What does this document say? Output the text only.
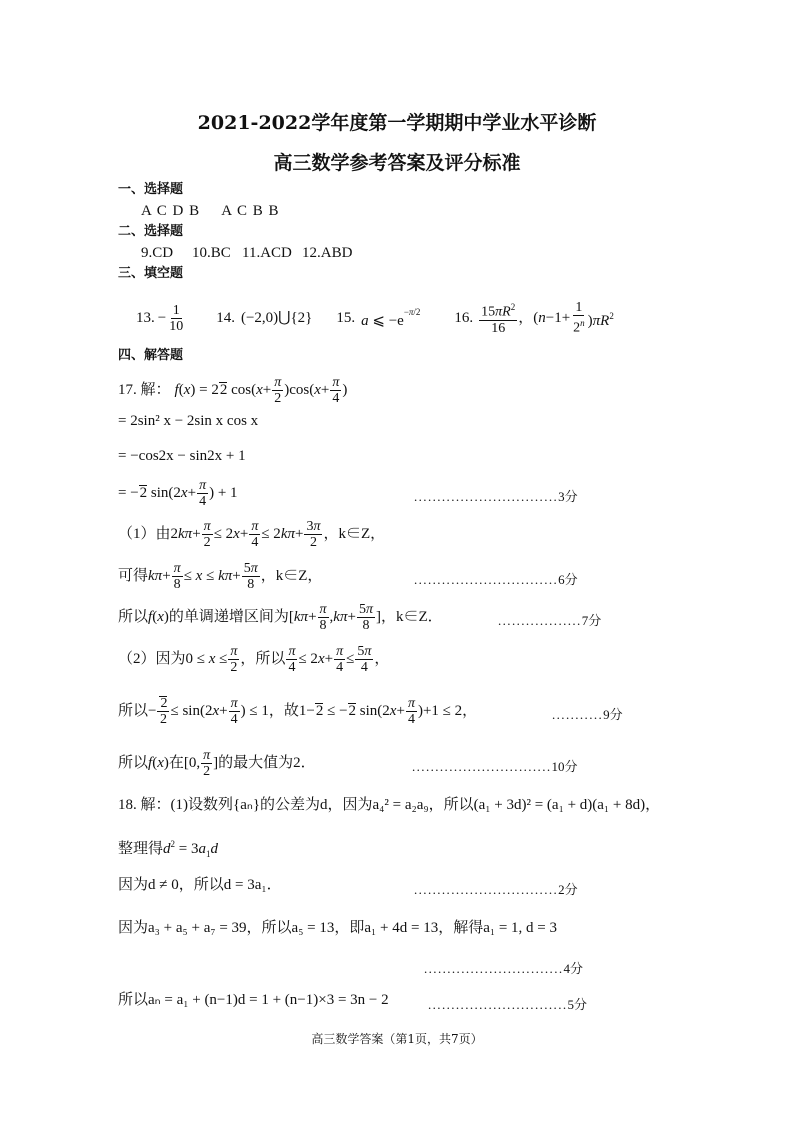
2021-2022学年度第一学期期中学业水平诊断
高三数学参考答案及评分标准
一、选择题
A C D B    A C B B
二、选择题
9.CD 10.BC 11.ACD 12.ABD
三、填空题
13. − $\frac{1}{10} 14$. (−2,0)⋃{2} 15. a ⩽ $-e^{-\pi/2}$ 16. $\frac{15\pi R^2}{16}$ ，$(n-1+ \frac{1}{2^n} )\pi R^2$
四、解答题
17. 解： f(x) = 22 $\cos(x+ \frac{\pi}{2} )\cos(x+ \frac{\pi}{4}$ )
= 2sin² x − 2sin x cos x
= −cos2x − sin2x + 1
= −2 $\sin(2x+ \frac{\pi}{4}$ ) + 1	...............................3分
（1）由 $2k\pi+ \frac{\pi}{2} \le 2x+ \frac{\pi}{4} \le 2k\pi+ \frac{3\pi}{2}$ ，k∈Z，
可得 $k\pi+ \frac{\pi}{8} \le x \le k\pi+ \frac{5\pi}{8}$ ，k∈Z，	...............................6分
所以 f(x) 的单调递增区间为 [$k\pi+ \frac{\pi}{8} ,k\pi+ \frac{5\pi}{8}$ ] ，k∈Z．	..................7分
（2）因为 $0 \le x \le \frac{\pi}{2}$ ，所以 $\frac{\pi}{4} \le 2x+ \frac{\pi}{4} \le \frac{5\pi}{4}$ ，
所以 − $\frac{2}{2} \le \sin(2x+ \frac{\pi}{4}$ ) ≤ 1 ，故 1−2 ≤ −2 $\sin(2x+ \frac{\pi}{4} )+1 \le 2$，	...........9分
所以 f(x) 在 [0, $\frac{\pi}{2}$ ] 的最大值为2．	..............................10分
18. 解：(1)设数列{aₙ}的公差为d，因为a₄² = a₂a₉，所以(a₁ + 3d)² = (a₁ + d)(a₁ + 8d)，
整理得$d^2 = 3a_1d$
因为d ≠ 0，所以d = 3a₁．	...............................2分
因为a₃ + a₅ + a₇ = 39，所以a₅ = 13，即a₁ + 4d = 13，解得a₁ = 1, d = 3
..............................4分
所以aₙ = a₁ + (n−1)d = 1 + (n−1)×3 = 3n − 2	..............................5分
高三数学答案（第1页，共7页）
